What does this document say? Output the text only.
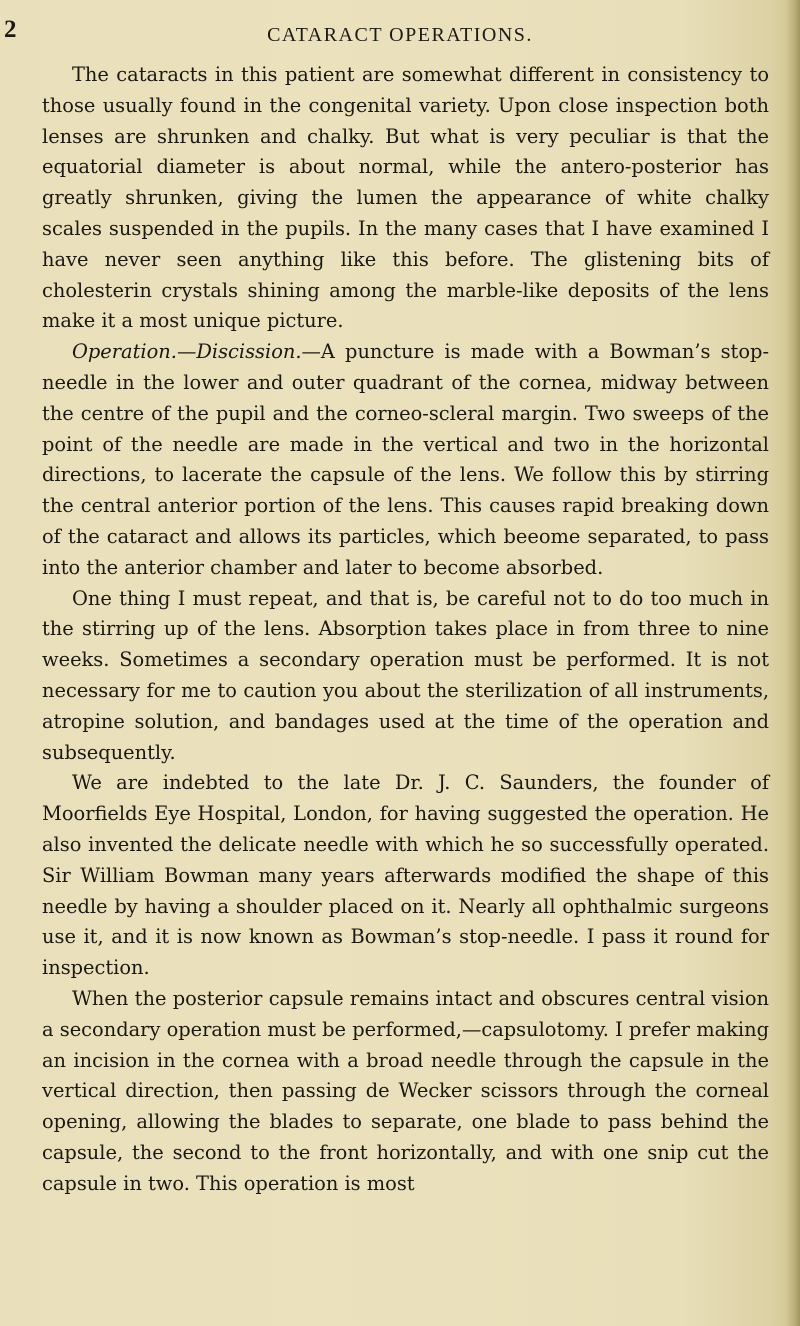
2	CATARACT OPERATIONS.

The cataracts in this patient are somewhat different in consistency to those usually found in the congenital variety. Upon close inspection both lenses are shrunken and chalky. But what is very peculiar is that the equatorial diameter is about normal, while the antero-posterior has greatly shrunken, giving the lumen the appearance of white chalky scales suspended in the pupils. In the many cases that I have examined I have never seen anything like this before. The glistening bits of cholesterin crystals shining among the marble-like deposits of the lens make it a most unique picture.

Operation.—Discission.—A puncture is made with a Bowman’s stop-needle in the lower and outer quadrant of the cornea, midway between the centre of the pupil and the corneo-scleral margin. Two sweeps of the point of the needle are made in the vertical and two in the horizontal directions, to lacerate the capsule of the lens. We follow this by stirring the central anterior portion of the lens. This causes rapid breaking down of the cataract and allows its particles, which beeome separated, to pass into the anterior chamber and later to become absorbed.

One thing I must repeat, and that is, be careful not to do too much in the stirring up of the lens. Absorption takes place in from three to nine weeks. Sometimes a secondary operation must be performed. It is not necessary for me to caution you about the sterilization of all instruments, atropine solution, and bandages used at the time of the operation and subsequently.

We are indebted to the late Dr. J. C. Saunders, the founder of Moorfields Eye Hospital, London, for having suggested the operation. He also invented the delicate needle with which he so successfully operated. Sir William Bowman many years afterwards modified the shape of this needle by having a shoulder placed on it. Nearly all ophthalmic surgeons use it, and it is now known as Bowman’s stop-needle. I pass it round for inspection.

When the posterior capsule remains intact and obscures central vision a secondary operation must be performed,—capsulotomy. I prefer making an incision in the cornea with a broad needle through the capsule in the vertical direction, then passing de Wecker scissors through the corneal opening, allowing the blades to separate, one blade to pass behind the capsule, the second to the front horizontally, and with one snip cut the capsule in two. This operation is most
